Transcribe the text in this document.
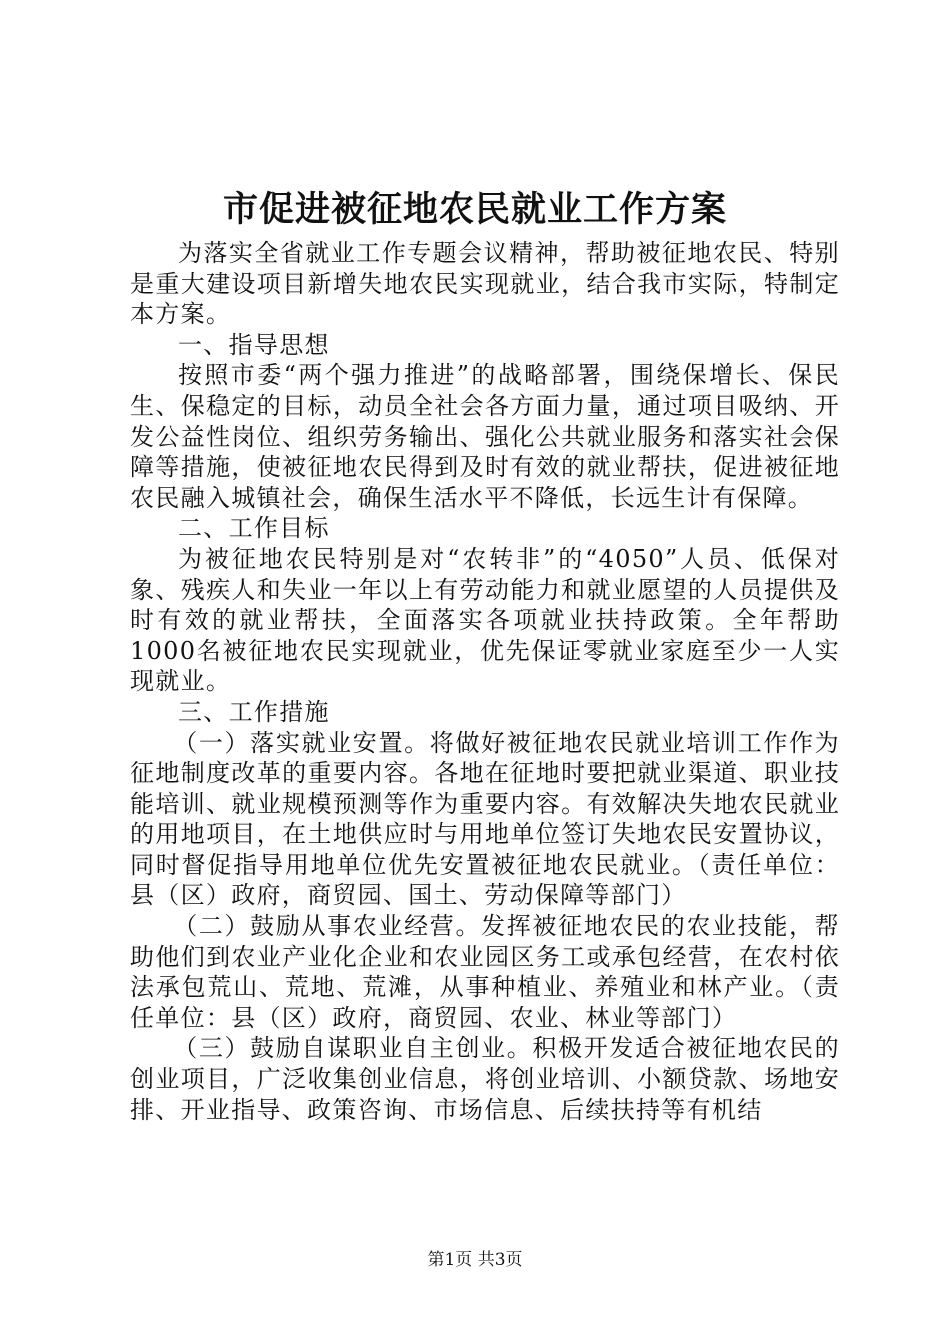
市促进被征地农民就业工作方案

为落实全省就业工作专题会议精神，帮助被征地农民、特别是重大建设项目新增失地农民实现就业，结合我市实际，特制定本方案。

一、指导思想

按照市委“两个强力推进”的战略部署，围绕保增长、保民生、保稳定的目标，动员全社会各方面力量，通过项目吸纳、开发公益性岗位、组织劳务输出、强化公共就业服务和落实社会保障等措施，使被征地农民得到及时有效的就业帮扶，促进被征地农民融入城镇社会，确保生活水平不降低，长远生计有保障。

二、工作目标

为被征地农民特别是对“农转非”的“4050”人员、低保对象、残疾人和失业一年以上有劳动能力和就业愿望的人员提供及时有效的就业帮扶，全面落实各项就业扶持政策。全年帮助1000名被征地农民实现就业，优先保证零就业家庭至少一人实现就业。

三、工作措施

（一）落实就业安置。将做好被征地农民就业培训工作作为征地制度改革的重要内容。各地在征地时要把就业渠道、职业技能培训、就业规模预测等作为重要内容。有效解决失地农民就业的用地项目，在土地供应时与用地单位签订失地农民安置协议，同时督促指导用地单位优先安置被征地农民就业。（责任单位：县（区）政府，商贸园、国土、劳动保障等部门）

（二）鼓励从事农业经营。发挥被征地农民的农业技能，帮助他们到农业产业化企业和农业园区务工或承包经营，在农村依法承包荒山、荒地、荒滩，从事种植业、养殖业和林产业。（责任单位：县（区）政府，商贸园、农业、林业等部门）

（三）鼓励自谋职业自主创业。积极开发适合被征地农民的创业项目，广泛收集创业信息，将创业培训、小额贷款、场地安排、开业指导、政策咨询、市场信息、后续扶持等有机结

第1页 共3页
